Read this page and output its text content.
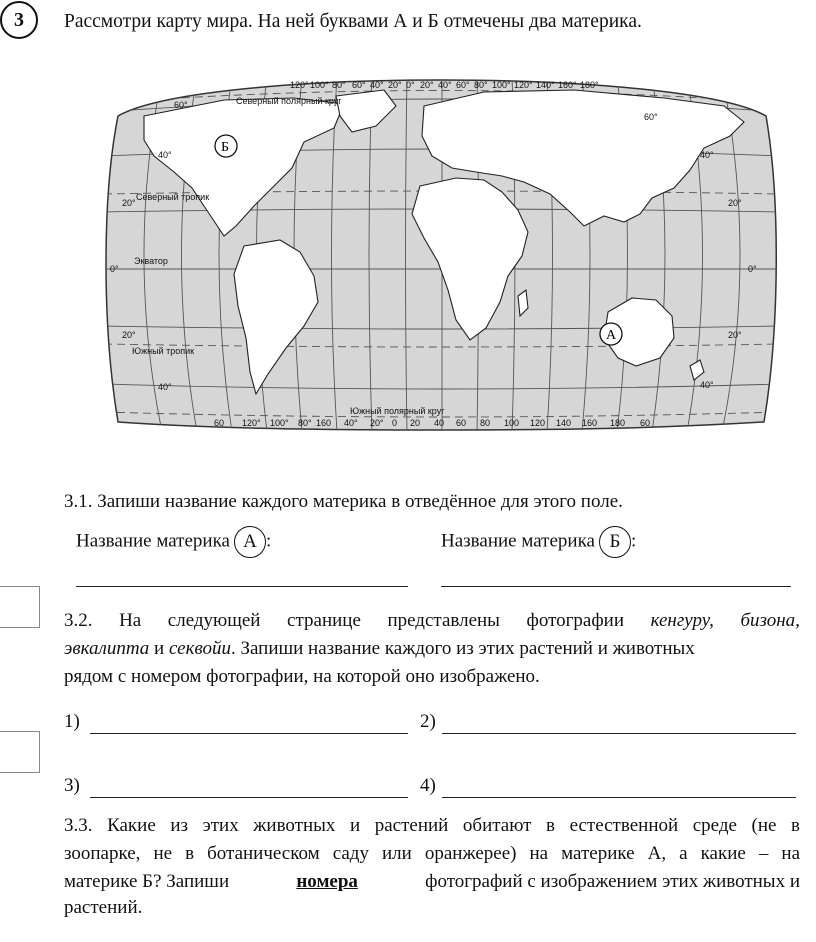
3 Рассмотри карту мира. На ней буквами А и Б отмечены два материка.
120° 100° 80° 60° 40° 20° 0° 20° 40° 60° 80° 100° 120° 140° 160° 180°
60°
40°
20°
0°
20°
40°
60°
40°
20°
0°
20°
40°
60 120° 100° 80° 160 40° 20° 0 20 40 60 80 100 120 140 160 180 60
Северный полярный круг
Северный тропик
Экватор
Южный тропик
Южный полярный круг
Б
А
3.1. Запиши название каждого материка в отведённое для этого поле.
Название материка А :	Название материка Б :
3.2. На следующей странице представлены фотографии кенгуру, бизона,
эвкалипта и секвойи. Запиши название каждого из этих растений и животных
рядом с номером фотографии, на которой оно изображено.
1)	2)
3)	4)
3.3. Какие из этих животных и растений обитают в естественной среде (не в
зоопарке, не в ботаническом саду или оранжерее) на материке А, а какие – на
материке Б? Запиши	номера	фотографий с изображением этих животных и
растений.
